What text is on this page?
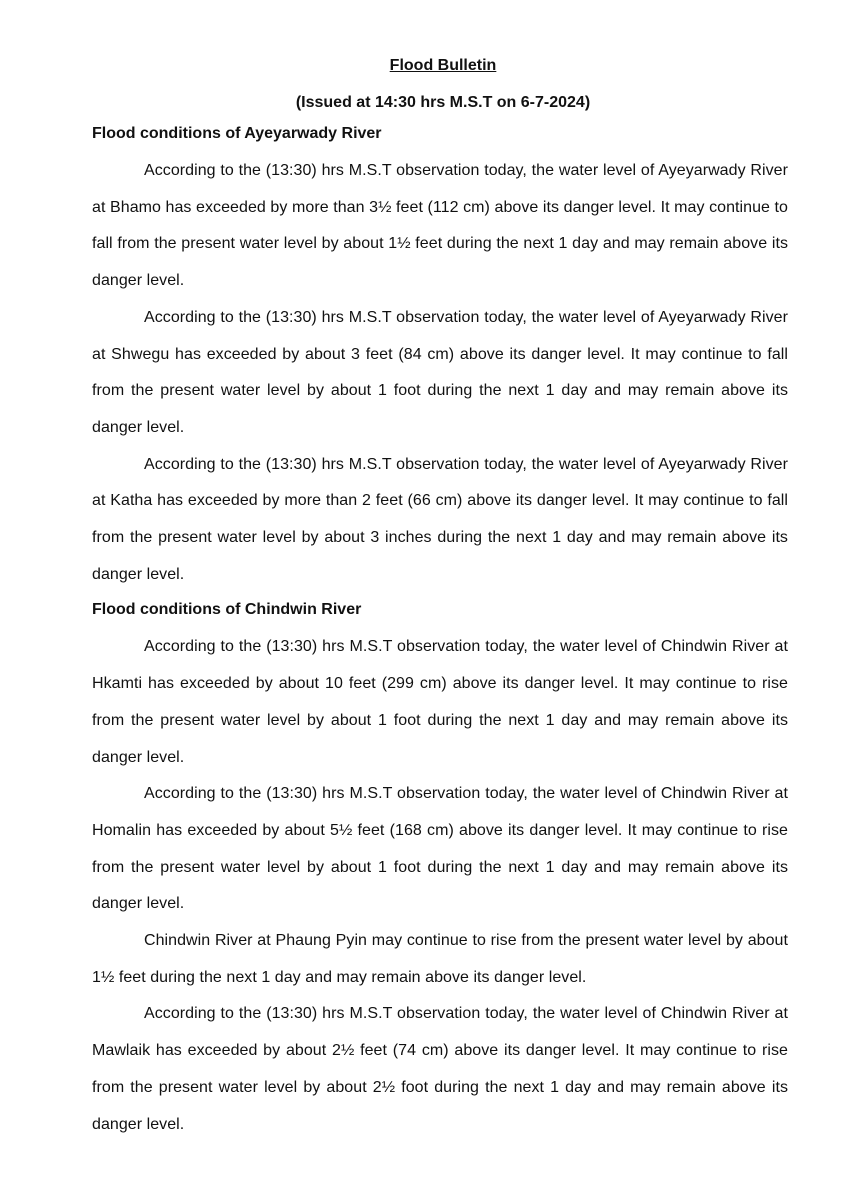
Flood Bulletin

(Issued at 14:30 hrs M.S.T on 6-7-2024)

Flood conditions of Ayeyarwady River

According to the (13:30) hrs M.S.T observation today, the water level of Ayeyarwady River at Bhamo has exceeded by more than 3½ feet (112 cm) above its danger level. It may continue to fall from the present water level by about 1½ feet during the next 1 day and may remain above its danger level.

According to the (13:30) hrs M.S.T observation today, the water level of Ayeyarwady River at Shwegu has exceeded by about 3 feet (84 cm) above its danger level. It may continue to fall from the present water level by about 1 foot during the next 1 day and may remain above its danger level.

According to the (13:30) hrs M.S.T observation today, the water level of Ayeyarwady River at Katha has exceeded by more than 2 feet (66 cm) above its danger level. It may continue to fall from the present water level by about 3 inches during the next 1 day and may remain above its danger level.

Flood conditions of Chindwin River

According to the (13:30) hrs M.S.T observation today, the water level of Chindwin River at Hkamti has exceeded by about 10 feet (299 cm) above its danger level. It may continue to rise from the present water level by about 1 foot during the next 1 day and may remain above its danger level.

According to the (13:30) hrs M.S.T observation today, the water level of Chindwin River at Homalin has exceeded by about 5½ feet (168 cm) above its danger level. It may continue to rise from the present water level by about 1 foot during the next 1 day and may remain above its danger level.

Chindwin River at Phaung Pyin may continue to rise from the present water level by about 1½ feet during the next 1 day and may remain above its danger level.

According to the (13:30) hrs M.S.T observation today, the water level of Chindwin River at Mawlaik has exceeded by about 2½ feet (74 cm) above its danger level. It may continue to rise from the present water level by about 2½ foot during the next 1 day and may remain above its danger level.
